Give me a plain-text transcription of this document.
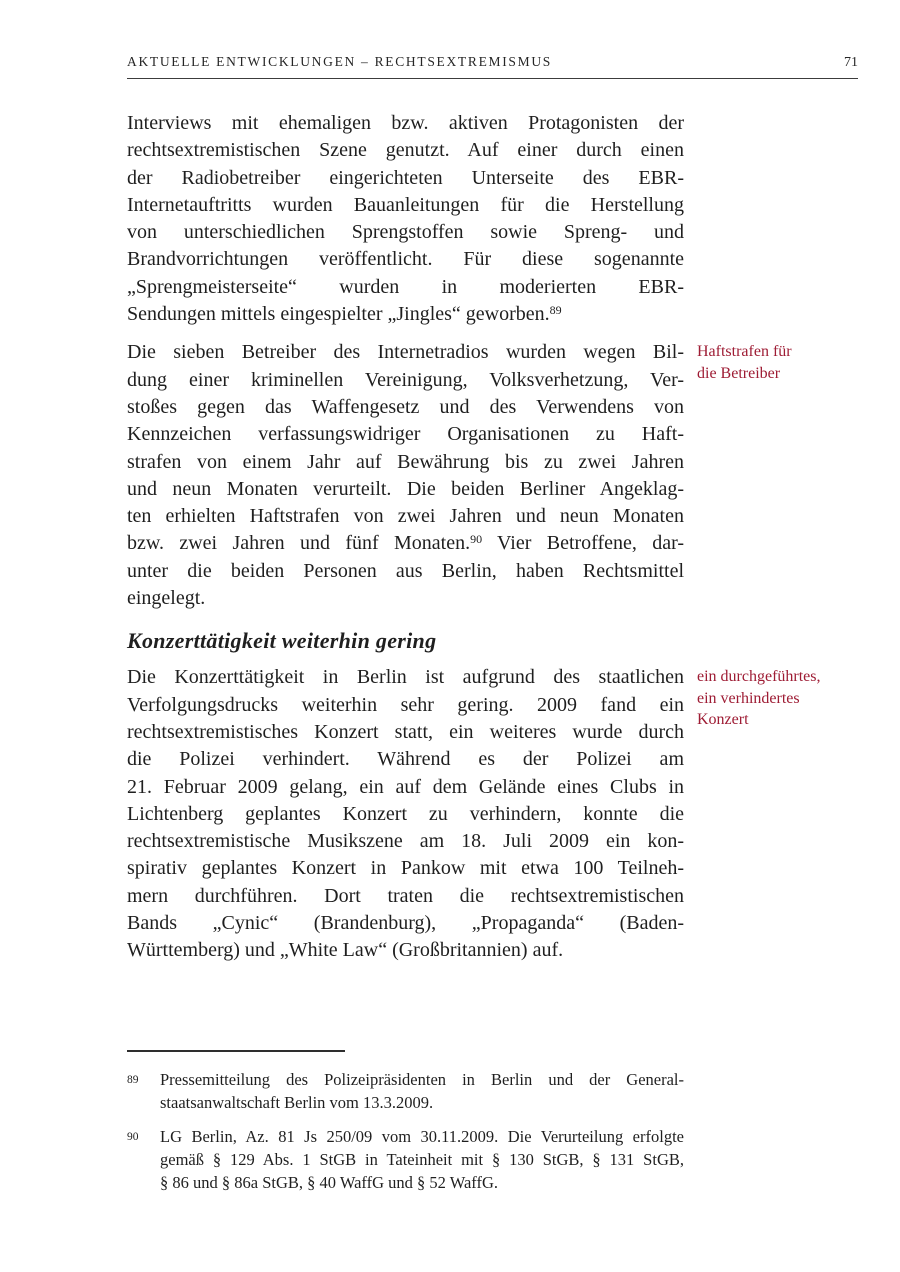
AKTUELLE ENTWICKLUNGEN – RECHTSEXTREMISMUS	71
Interviews mit ehemaligen bzw. aktiven Protagonisten der
rechtsextremistischen Szene genutzt. Auf einer durch einen
der Radiobetreiber eingerichteten Unterseite des EBR-
Internetauftritts wurden Bauanleitungen für die Herstellung
von unterschiedlichen Sprengstoffen sowie Spreng- und
Brandvorrichtungen veröffentlicht. Für diese sogenannte
„Sprengmeisterseite“ wurden in moderierten EBR-
Sendungen mittels eingespielter „Jingles“ geworben.$^{89}$
Die sieben Betreiber des Internetradios wurden wegen Bil-
dung einer kriminellen Vereinigung, Volksverhetzung, Ver-
stoßes gegen das Waffengesetz und des Verwendens von
Kennzeichen verfassungswidriger Organisationen zu Haft-
strafen von einem Jahr auf Bewährung bis zu zwei Jahren
und neun Monaten verurteilt. Die beiden Berliner Angeklag-
ten erhielten Haftstrafen von zwei Jahren und neun Monaten
bzw. zwei Jahren und fünf Monaten.$^{90}$ Vier Betroffene, dar-
unter die beiden Personen aus Berlin, haben Rechtsmittel
eingelegt.
Haftstrafen für
die Betreiber
Konzerttätigkeit weiterhin gering
Die Konzerttätigkeit in Berlin ist aufgrund des staatlichen
Verfolgungsdrucks weiterhin sehr gering. 2009 fand ein
rechtsextremistisches Konzert statt, ein weiteres wurde durch
die Polizei verhindert. Während es der Polizei am
21. Februar 2009 gelang, ein auf dem Gelände eines Clubs in
Lichtenberg geplantes Konzert zu verhindern, konnte die
rechtsextremistische Musikszene am 18. Juli 2009 ein kon-
spirativ geplantes Konzert in Pankow mit etwa 100 Teilneh-
mern durchführen. Dort traten die rechtsextremistischen
Bands „Cynic“ (Brandenburg), „Propaganda“ (Baden-
Württemberg) und „White Law“ (Großbritannien) auf.
ein durchgeführtes,
ein verhindertes
Konzert
89	Pressemitteilung des Polizeipräsidenten in Berlin und der General-
staatsanwaltschaft Berlin vom 13.3.2009.
90	LG Berlin, Az. 81 Js 250/09 vom 30.11.2009. Die Verurteilung erfolgte
gemäß § 129 Abs. 1 StGB in Tateinheit mit § 130 StGB, § 131 StGB,
§ 86 und § 86a StGB, § 40 WaffG und § 52 WaffG.
